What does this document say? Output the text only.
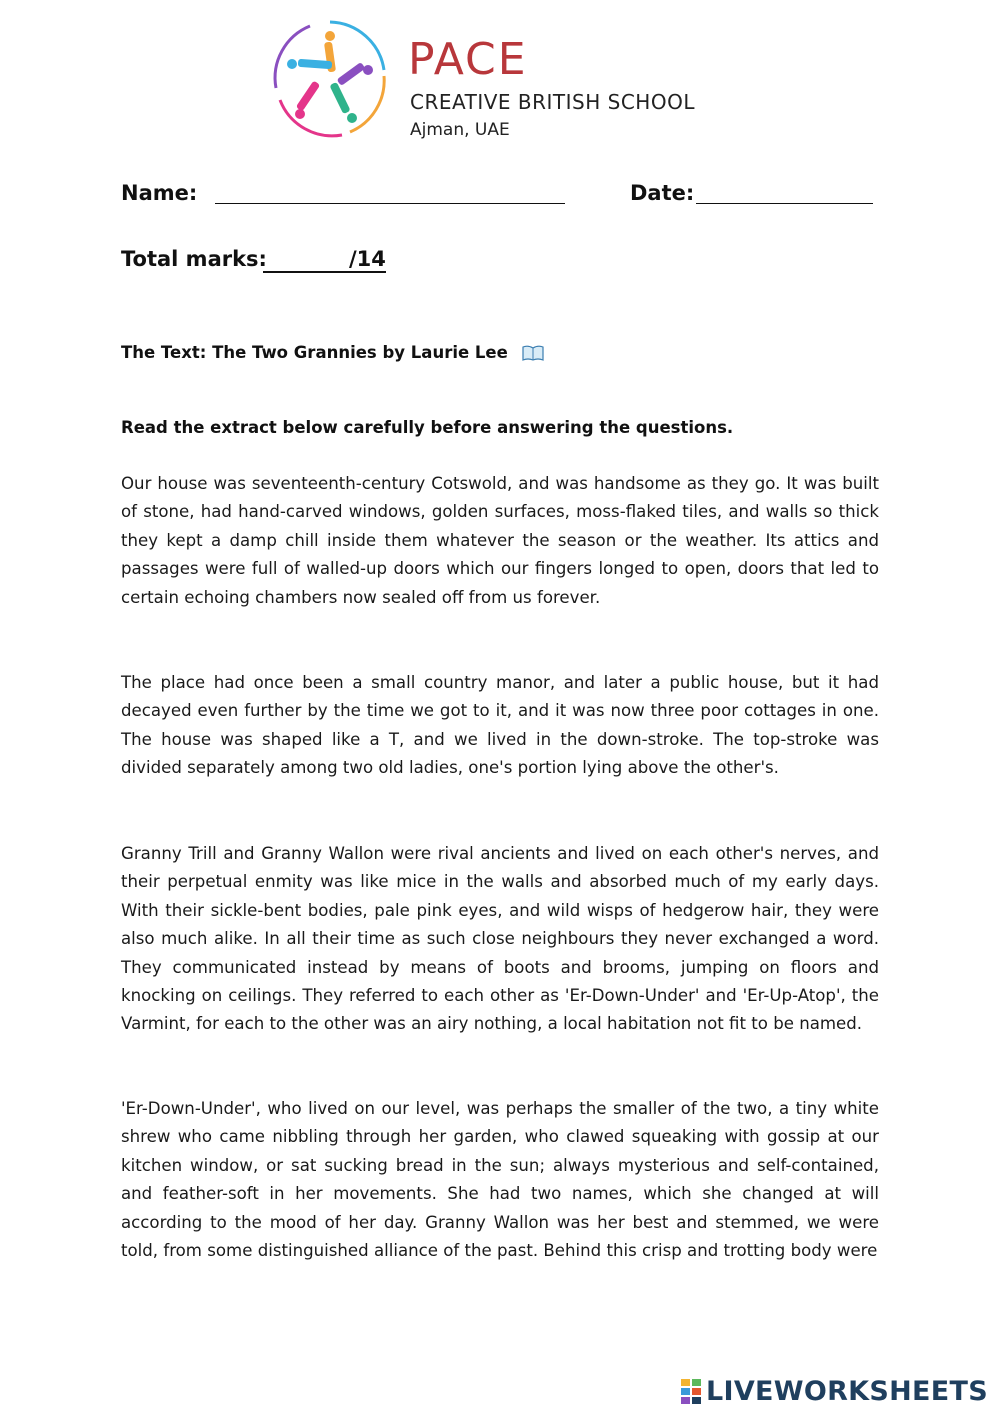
PACE
CREATIVE BRITISH SCHOOL
Ajman, UAE
Name:	Date:
Total marks:	/14
The Text: The Two Grannies by Laurie Lee
Read the extract below carefully before answering the questions.

Our house was seventeenth-century Cotswold, and was handsome as they go. It was built of stone, had hand-carved windows, golden surfaces, moss-flaked tiles, and walls so thick they kept a damp chill inside them whatever the season or the weather. Its attics and passages were full of walled-up doors which our fingers longed to open, doors that led to certain echoing chambers now sealed off from us forever.

The place had once been a small country manor, and later a public house, but it had decayed even further by the time we got to it, and it was now three poor cottages in one. The house was shaped like a T, and we lived in the down-stroke. The top-stroke was divided separately among two old ladies, one's portion lying above the other's.

Granny Trill and Granny Wallon were rival ancients and lived on each other's nerves, and their perpetual enmity was like mice in the walls and absorbed much of my early days. With their sickle-bent bodies, pale pink eyes, and wild wisps of hedgerow hair, they were also much alike. In all their time as such close neighbours they never exchanged a word. They communicated instead by means of boots and brooms, jumping on floors and knocking on ceilings. They referred to each other as 'Er-Down-Under' and 'Er-Up-Atop', the Varmint, for each to the other was an airy nothing, a local habitation not fit to be named.

'Er-Down-Under', who lived on our level, was perhaps the smaller of the two, a tiny white shrew who came nibbling through her garden, who clawed squeaking with gossip at our kitchen window, or sat sucking bread in the sun; always mysterious and self-contained, and feather-soft in her movements. She had two names, which she changed at will according to the mood of her day. Granny Wallon was her best and stemmed, we were told, from some distinguished alliance of the past. Behind this crisp and trotting body were

LIVEWORKSHEETS
